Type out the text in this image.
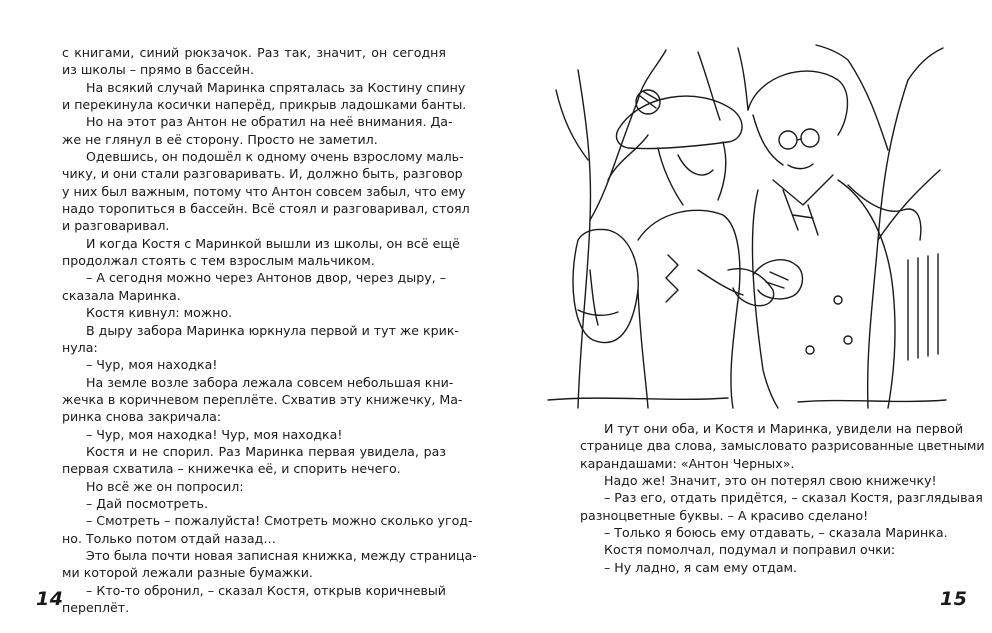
с книгами, синий рюкзачок. Раз так, значит, он сегодня
из школы – прямо в бассейн.
На всякий случай Маринка спряталась за Костину спину
и перекинула косички наперёд, прикрыв ладошками банты.
Но на этот раз Антон не обратил на неё внимания. Да-
же не глянул в её сторону. Просто не заметил.
Одевшись, он подошёл к одному очень взрослому маль-
чику, и они стали разговаривать. И, должно быть, разговор
у них был важным, потому что Антон совсем забыл, что ему
надо торопиться в бассейн. Всё стоял и разговаривал, стоял
и разговаривал.
И когда Костя с Маринкой вышли из школы, он всё ещё
продолжал стоять с тем взрослым мальчиком.
– А сегодня можно через Антонов двор, через дыру, –
сказала Маринка.
Костя кивнул: можно.
В дыру забора Маринка юркнула первой и тут же крик-
нула:
– Чур, моя находка!
На земле возле забора лежала совсем небольшая кни-
жечка в коричневом переплёте. Схватив эту книжечку, Ма-
ринка снова закричала:
– Чур, моя находка! Чур, моя находка!
Костя и не спорил. Раз Маринка первая увидела, раз
первая схватила – книжечка её, и спорить нечего.
Но всё же он попросил:
– Дай посмотреть.
– Смотреть – пожалуйста! Смотреть можно сколько угод-
но. Только потом отдай назад…
Это была почти новая записная книжка, между страница-
ми которой лежали разные бумажки.
– Кто-то обронил, – сказал Костя, открыв коричневый
переплёт.
14
И тут они оба, и Костя и Маринка, увидели на первой
странице два слова, замысловато разрисованные цветными
карандашами: «Антон Черных».
Надо же! Значит, это он потерял свою книжечку!
– Раз его, отдать придётся, – сказал Костя, разглядывая
разноцветные буквы. – А красиво сделано!
– Только я боюсь ему отдавать, – сказала Маринка.
Костя помолчал, подумал и поправил очки:
– Ну ладно, я сам ему отдам.
15
